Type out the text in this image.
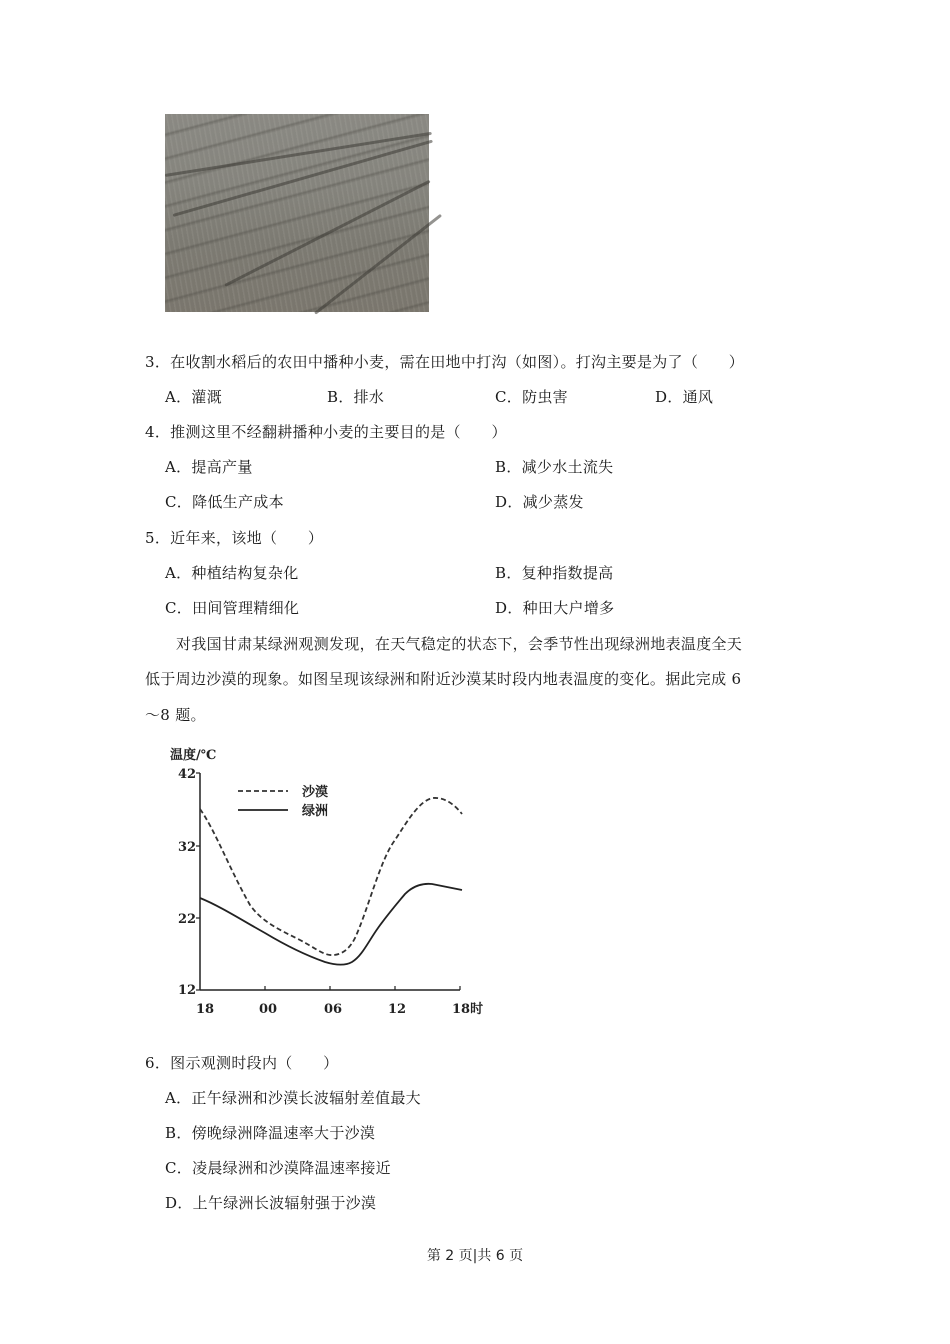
3．在收割水稻后的农田中播种小麦，需在田地中打沟（如图）。打沟主要是为了（　　）
A．灌溉	B．排水	C．防虫害	D．通风
4．推测这里不经翻耕播种小麦的主要目的是（　　）
A．提高产量	B．减少水土流失
C．降低生产成本	D．减少蒸发
5．近年来，该地（　　）
A．种植结构复杂化	B．复种指数提高
C．田间管理精细化	D．种田大户增多
对我国甘肃某绿洲观测发现，在天气稳定的状态下，会季节性出现绿洲地表温度全天
低于周边沙漠的现象。如图呈现该绿洲和附近沙漠某时段内地表温度的变化。据此完成 6
～8 题。
温度/℃
42
32
22
12
18	00	06	12	18时
沙漠
绿洲
6．图示观测时段内（　　）
A．正午绿洲和沙漠长波辐射差值最大
B．傍晚绿洲降温速率大于沙漠
C．凌晨绿洲和沙漠降温速率接近
D．上午绿洲长波辐射强于沙漠
第 2 页|共 6 页
